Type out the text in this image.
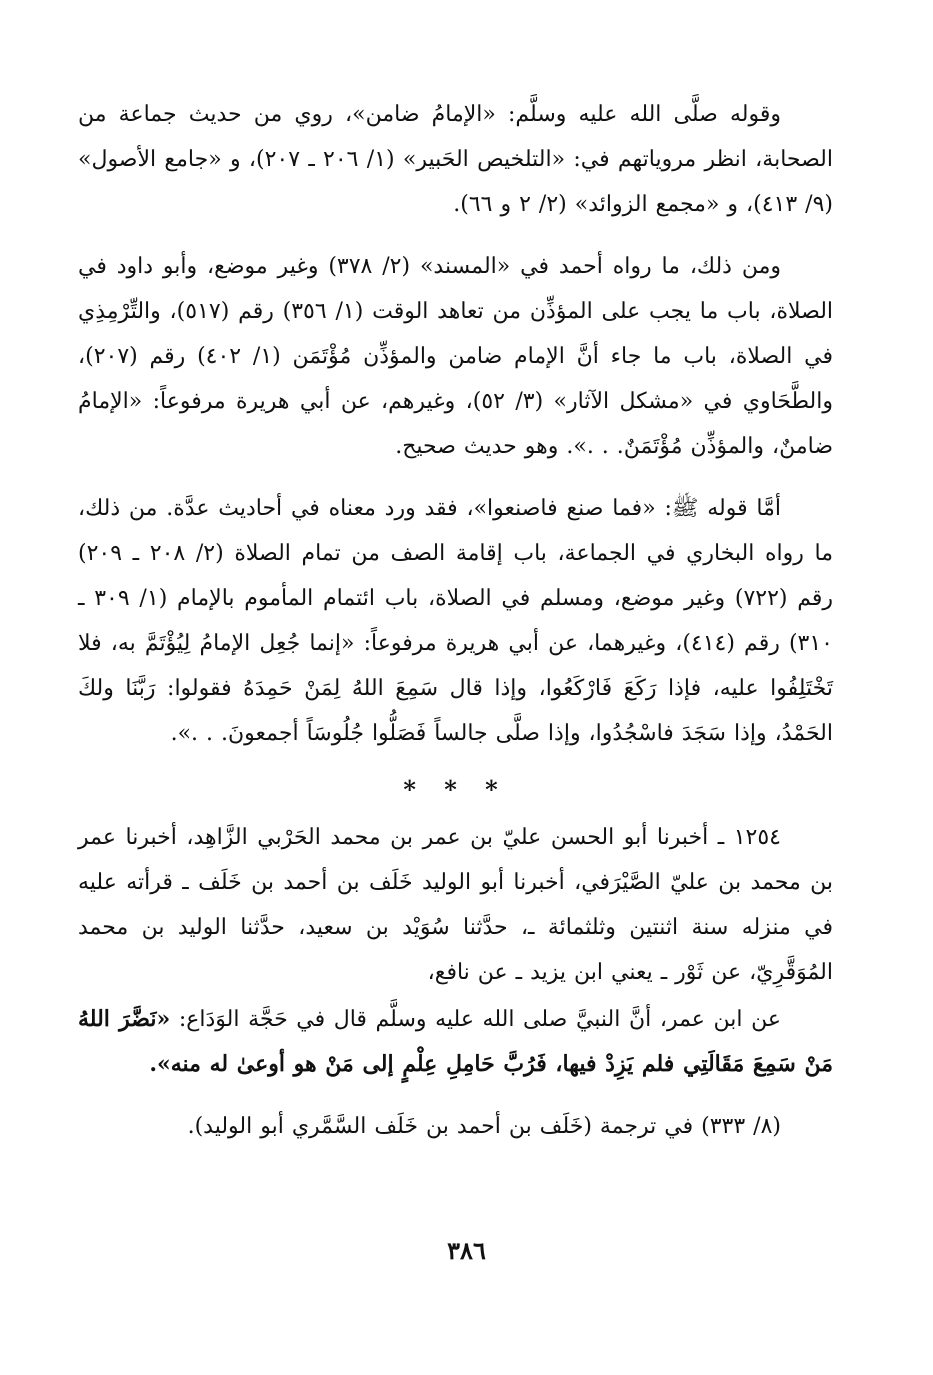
وقوله صلَّى الله عليه وسلَّم: «الإمامُ ضامن»، روي من حديث جماعة من الصحابة، انظر مروياتهم في: «التلخيص الحَبير» (١/ ٢٠٦ ـ ٢٠٧)، و «جامع الأصول» (٩/ ٤١٣)، و «مجمع الزوائد» (٢/ ٢ و ٦٦).

ومن ذلك، ما رواه أحمد في «المسند» (٢/ ٣٧٨) وغير موضع، وأبو داود في الصلاة، باب ما يجب على المؤذِّن من تعاهد الوقت (١/ ٣٥٦) رقم (٥١٧)، والتِّرْمِذِي في الصلاة، باب ما جاء أنَّ الإمام ضامن والمؤذِّن مُؤْتَمَن (١/ ٤٠٢) رقم (٢٠٧)، والطَّحَاوي في «مشكل الآثار» (٣/ ٥٢)، وغيرهم، عن أبي هريرة مرفوعاً: «الإمامُ ضامنٌ، والمؤذِّن مُؤْتَمَنٌ. . .». وهو حديث صحيح.

أمَّا قوله ﷺ: «فما صنع فاصنعوا»، فقد ورد معناه في أحاديث عدَّة. من ذلك، ما رواه البخاري في الجماعة، باب إقامة الصف من تمام الصلاة (٢/ ٢٠٨ ـ ٢٠٩) رقم (٧٢٢) وغير موضع، ومسلم في الصلاة، باب ائتمام المأموم بالإمام (١/ ٣٠٩ ـ ٣١٠) رقم (٤١٤)، وغيرهما، عن أبي هريرة مرفوعاً: «إنما جُعِل الإمامُ لِيُؤْتَمَّ به، فلا تَخْتَلِفُوا عليه، فإذا رَكَعَ فَارْكَعُوا، وإذا قال سَمِعَ اللهُ لِمَنْ حَمِدَهُ فقولوا: رَبَّنَا ولكَ الحَمْدُ، وإذا سَجَدَ فاسْجُدُوا، وإذا صلَّى جالساً فَصَلُّوا جُلُوسَاً أجمعونَ. . .».

* * *

١٢٥٤ ـ أخبرنا أبو الحسن عليّ بن عمر بن محمد الحَرْبي الزَّاهِد، أخبرنا عمر بن محمد بن عليّ الصَّيْرَفي، أخبرنا أبو الوليد خَلَف بن أحمد بن خَلَف ـ قرأته عليه في منزله سنة اثنتين وثلثمائة ـ، حدَّثنا سُوَيْد بن سعيد، حدَّثنا الوليد بن محمد المُوَقَّرِيّ، عن ثَوْر ـ يعني ابن يزيد ـ عن نافع،

عن ابن عمر، أنَّ النبيَّ صلى الله عليه وسلَّم قال في حَجَّة الوَدَاع: «نَضَّرَ اللهُ مَنْ سَمِعَ مَقَالَتِي فلم يَزِدْ فيها، فَرُبَّ حَامِلِ عِلْمٍ إلى مَنْ هو أوعىٰ له منه».

(٨/ ٣٣٣) في ترجمة (خَلَف بن أحمد بن خَلَف السَّمَّري أبو الوليد).

٣٨٦
